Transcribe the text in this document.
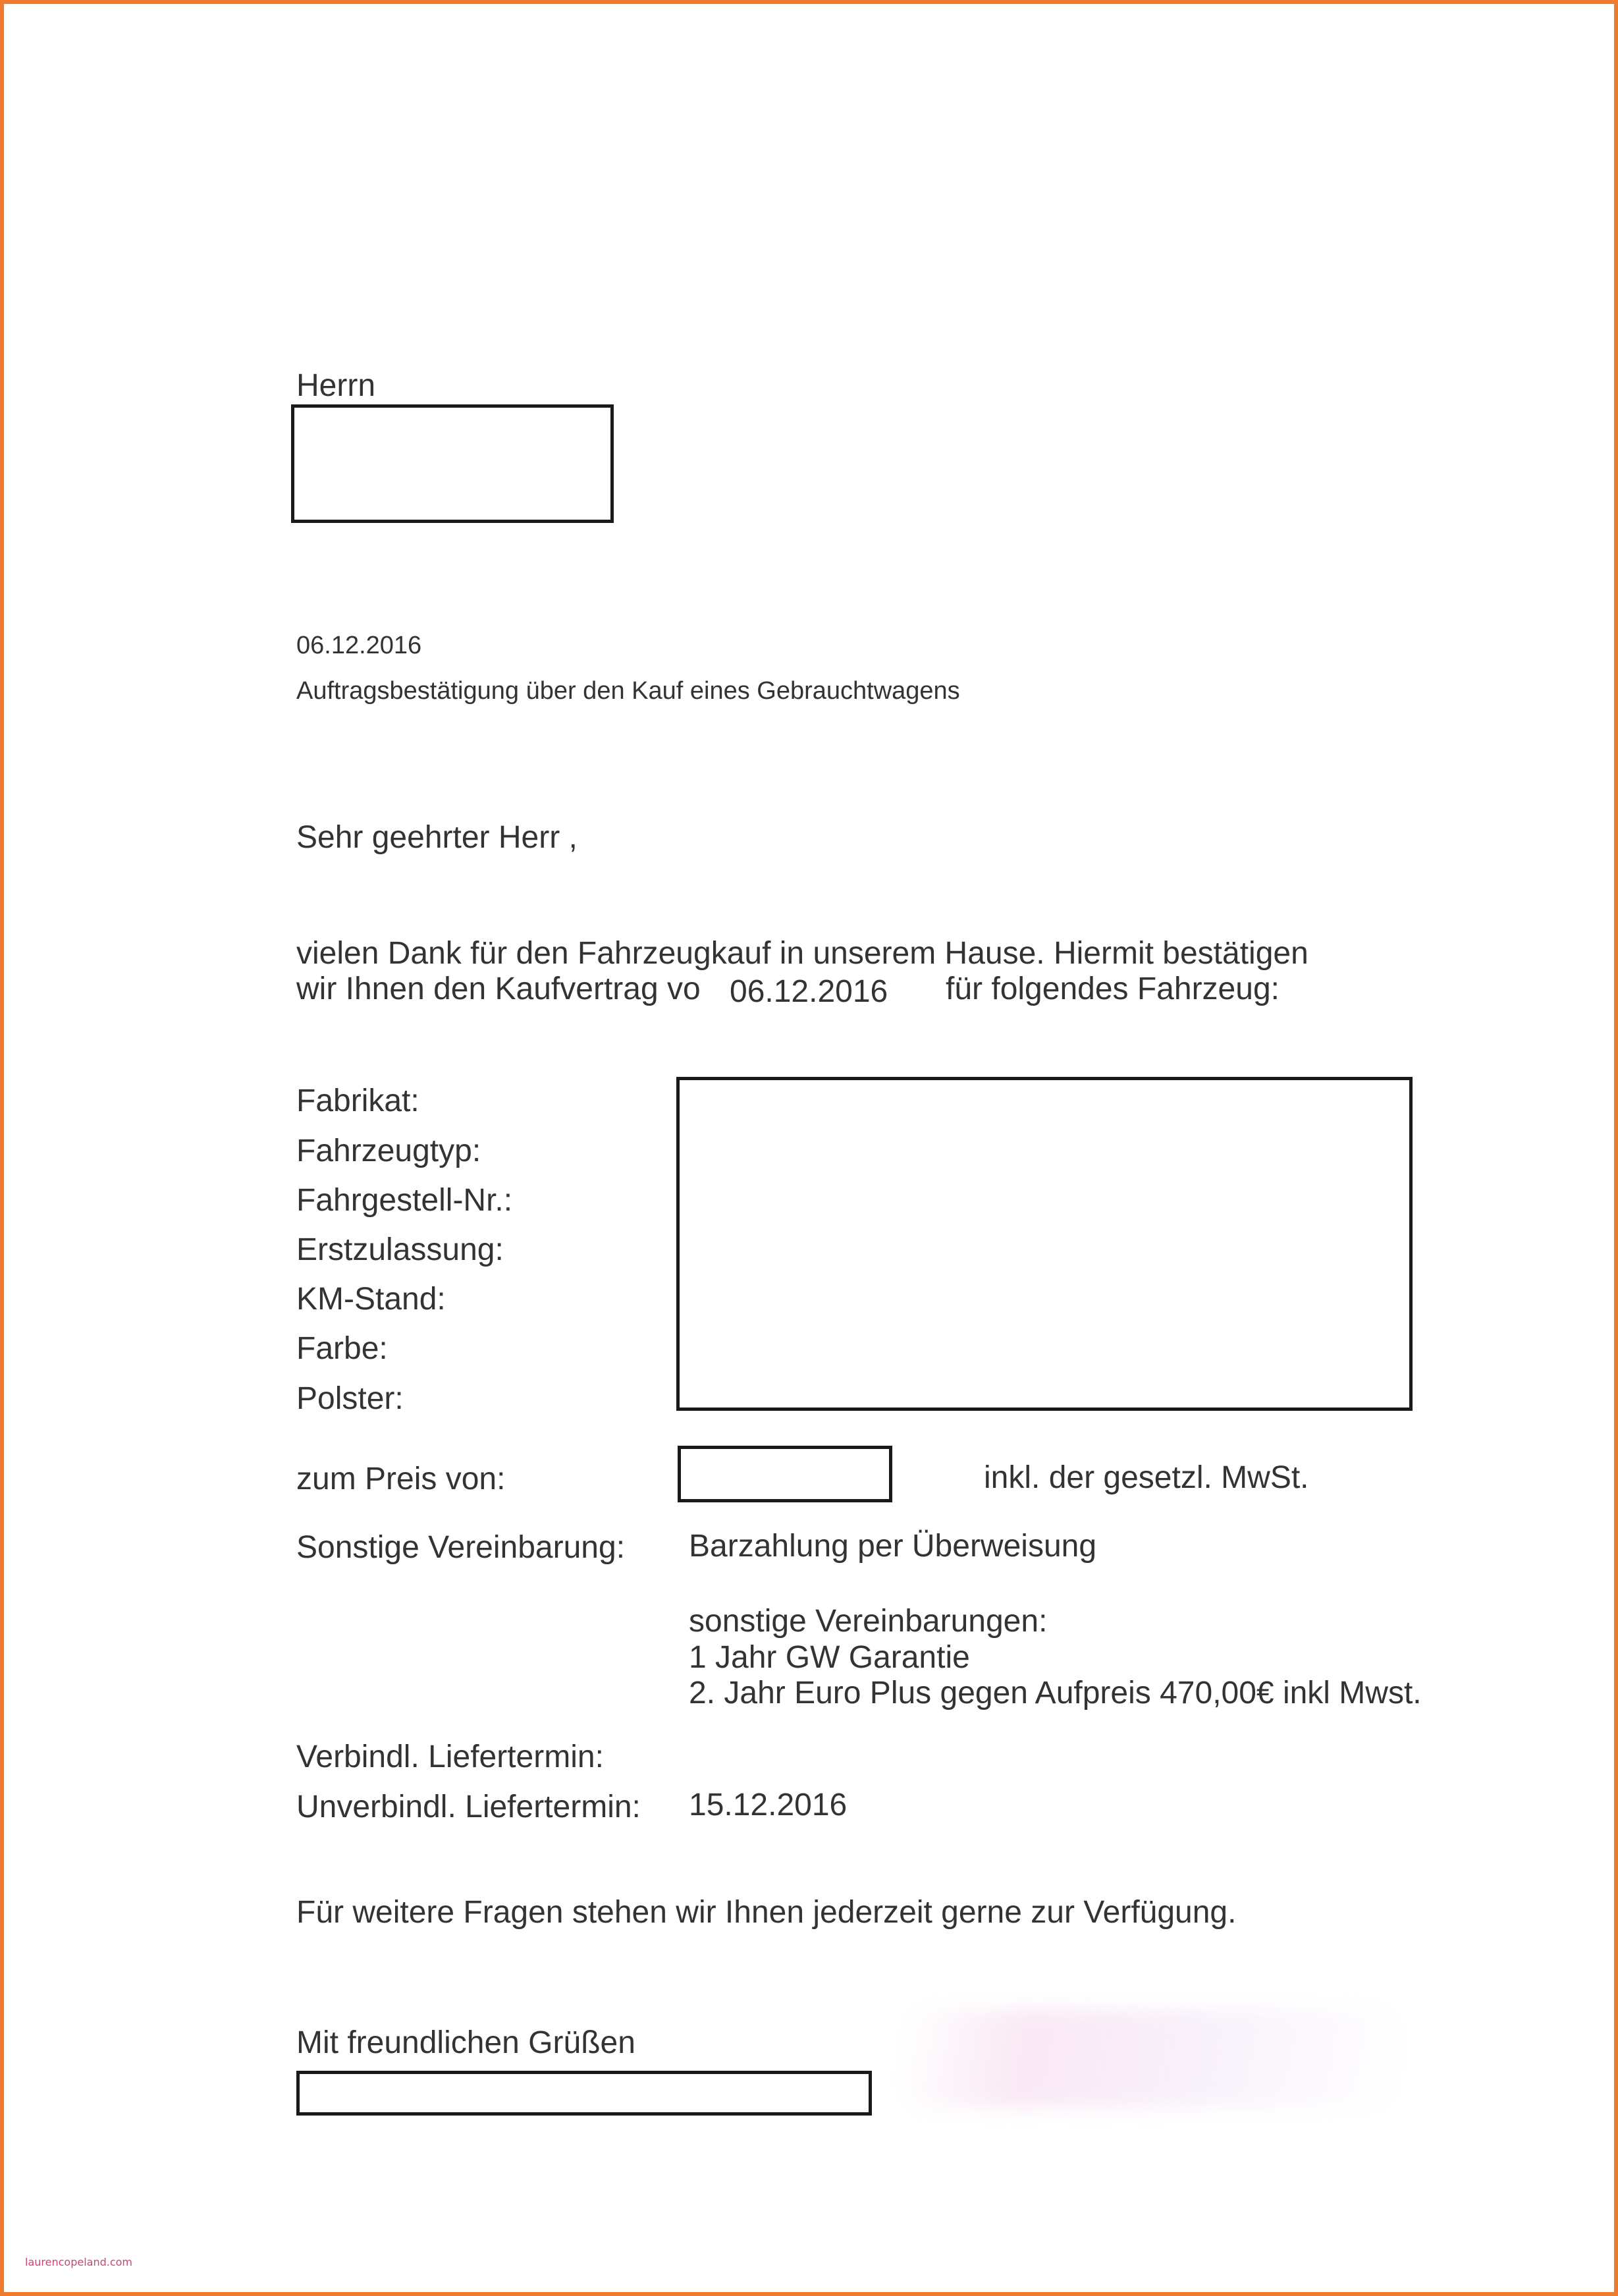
Herrn
06.12.2016
Auftragsbestätigung über den Kauf eines Gebrauchtwagens
Sehr geehrter Herr ,
vielen Dank für den Fahrzeugkauf in unserem Hause. Hiermit bestätigen
wir Ihnen den Kaufvertrag vo 06.12.2016 für folgendes Fahrzeug:
Fabrikat:
Fahrzeugtyp:
Fahrgestell-Nr.:
Erstzulassung:
KM-Stand:
Farbe:
Polster:
zum Preis von:	inkl. der gesetzl. MwSt.
Sonstige Vereinbarung: Barzahlung per Überweisung
sonstige Vereinbarungen:
1 Jahr GW Garantie
2. Jahr Euro Plus gegen Aufpreis 470,00€ inkl Mwst.
Verbindl. Liefertermin:
Unverbindl. Liefertermin: 15.12.2016
Für weitere Fragen stehen wir Ihnen jederzeit gerne zur Verfügung.
Mit freundlichen Grüßen
laurencopeland.com
